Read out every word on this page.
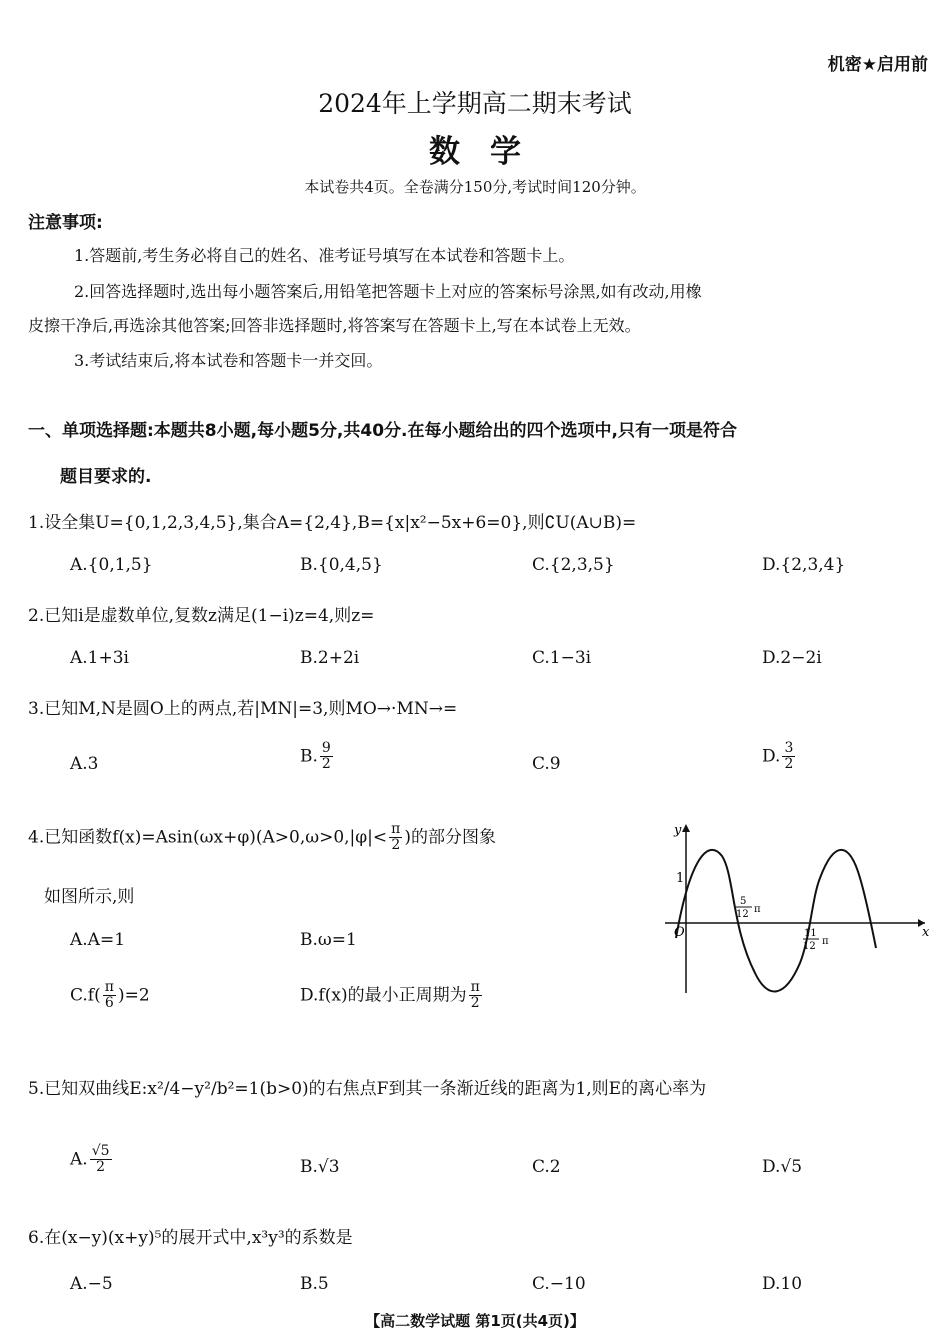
机密★启用前
2024年上学期高二期末考试
数学
本试卷共4页。全卷满分150分,考试时间120分钟。
注意事项:
1.答题前,考生务必将自己的姓名、准考证号填写在本试卷和答题卡上。
2.回答选择题时,选出每小题答案后,用铅笔把答题卡上对应的答案标号涂黑,如有改动,用橡
皮擦干净后,再选涂其他答案;回答非选择题时,将答案写在答题卡上,写在本试卷上无效。
3.考试结束后,将本试卷和答题卡一并交回。
一、单项选择题:本题共8小题,每小题5分,共40分.在每小题给出的四个选项中,只有一项是符合
题目要求的.
1.设全集U={0,1,2,3,4,5},集合A={2,4},B={x|x²−5x+6=0},则∁U(A∪B)=
A.{0,1,5}	B.{0,4,5}	C.{2,3,5}	D.{2,3,4}
2.已知i是虚数单位,复数z满足(1−i)z=4,则z=
A.1+3i	B.2+2i	C.1−3i	D.2−2i
3.已知M,N是圆O上的两点,若|MN|=3,则MO→·MN→=
A.3	B. $\frac{9}{2}$	C.9	D. $\frac{3}{2}$
4.已知函数$f(x)=Asin(\omega x+\varphi)(A>0,\omega>0,|\varphi|< \frac{\pi}{2}$ )的部分图象
如图所示,则
A.A=1	B.ω=1
$C.f( \frac{\pi}{6} )=2$	D.f(x)的最小正周期为 $\frac{\pi}{2}$
x
y
O
1
5
12 π
11
12 π
5.已知双曲线E:x²/4−y²/b²=1(b>0)的右焦点F到其一条渐近线的距离为1,则E的离心率为
A. $\frac{√5}{2}$	B.√3	C.2	D.√5
6.在(x−y)(x+y)⁵的展开式中,x³y³的系数是
A.−5	B.5	C.−10	D.10
【高二数学试题 第1页(共4页)】
